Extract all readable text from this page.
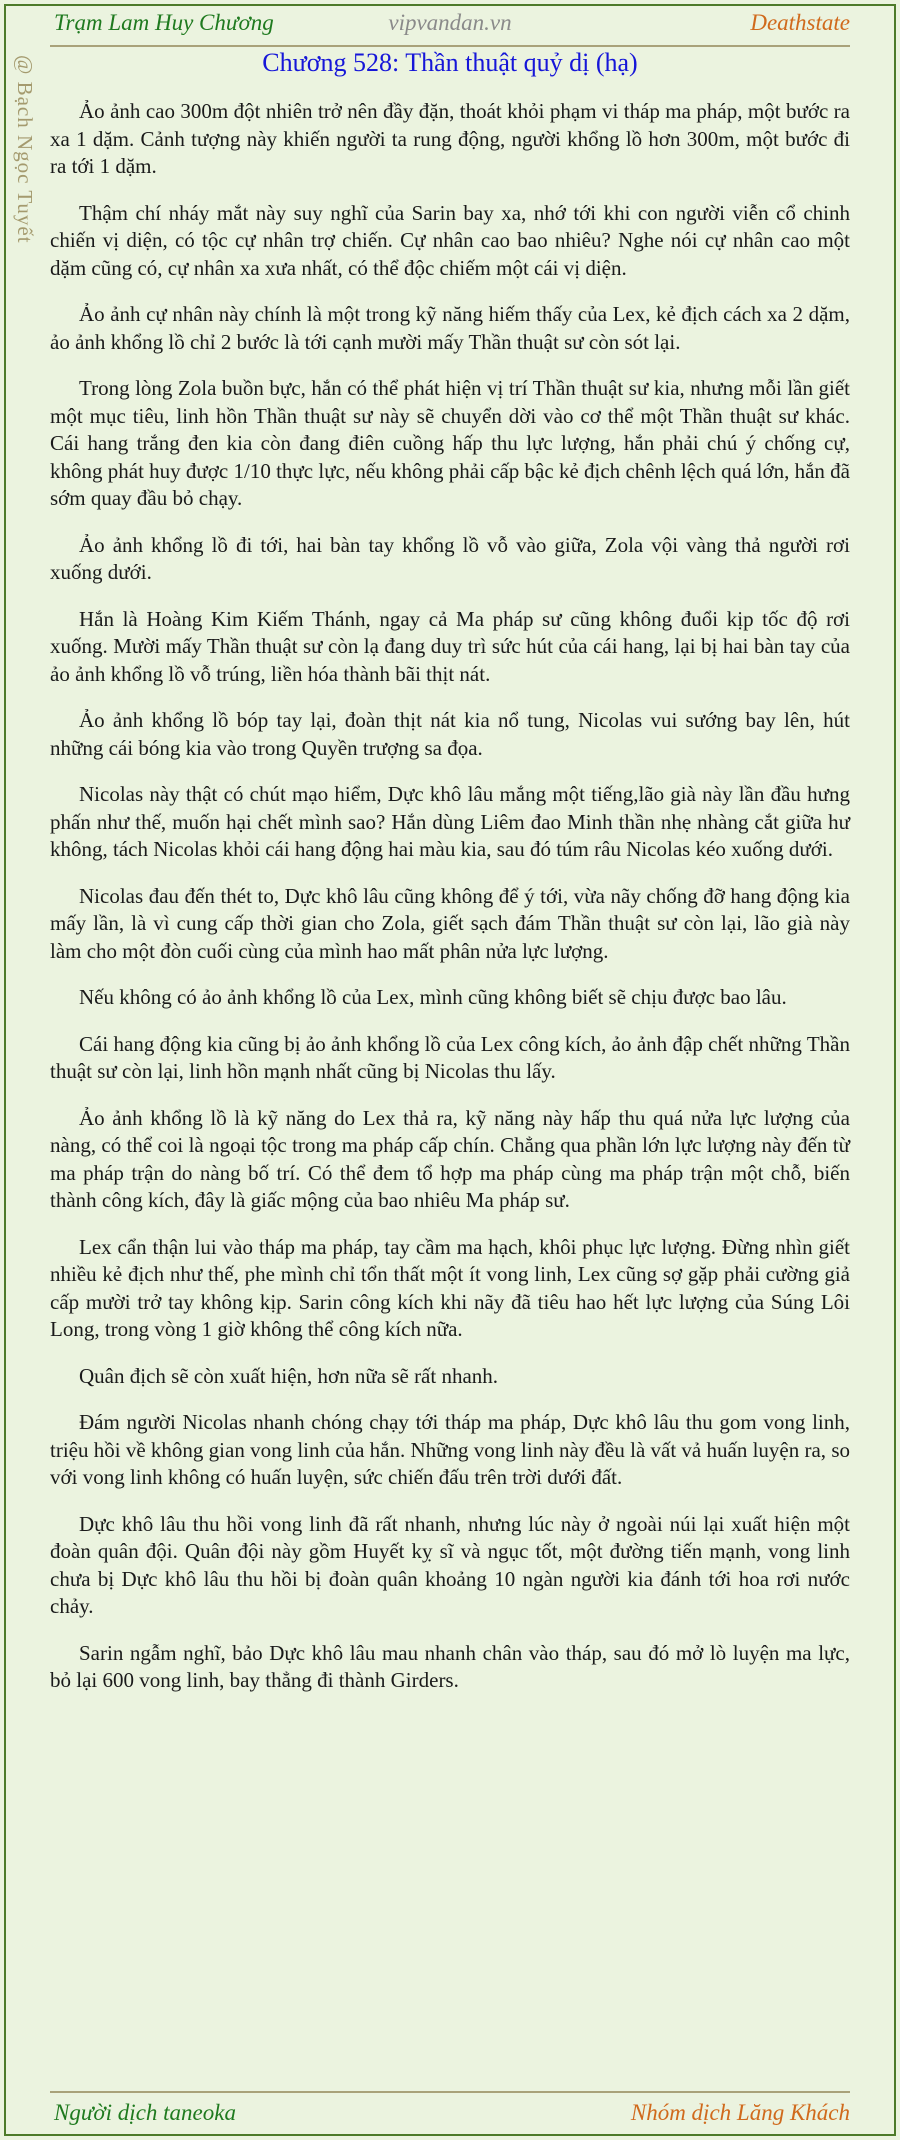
Trạm Lam Huy Chương	vipvandan.vn	Deathstate
@ Bạch Ngọc Tuyết	Chương 528: Thần thuật quỷ dị (hạ)

Ảo ảnh cao 300m đột nhiên trở nên đầy đặn, thoát khỏi phạm vi tháp ma pháp, một bước ra xa 1 dặm. Cảnh tượng này khiến người ta rung động, người khổng lồ hơn 300m, một bước đi ra tới 1 dặm.

Thậm chí nháy mắt này suy nghĩ của Sarin bay xa, nhớ tới khi con người viễn cổ chinh chiến vị diện, có tộc cự nhân trợ chiến. Cự nhân cao bao nhiêu? Nghe nói cự nhân cao một dặm cũng có, cự nhân xa xưa nhất, có thể độc chiếm một cái vị diện.

Ảo ảnh cự nhân này chính là một trong kỹ năng hiếm thấy của Lex, kẻ địch cách xa 2 dặm, ảo ảnh khổng lồ chỉ 2 bước là tới cạnh mười mấy Thần thuật sư còn sót lại.

Trong lòng Zola buồn bực, hắn có thể phát hiện vị trí Thần thuật sư kia, nhưng mỗi lần giết một mục tiêu, linh hồn Thần thuật sư này sẽ chuyển dời vào cơ thể một Thần thuật sư khác. Cái hang trắng đen kia còn đang điên cuồng hấp thu lực lượng, hắn phải chú ý chống cự, không phát huy được 1/10 thực lực, nếu không phải cấp bậc kẻ địch chênh lệch quá lớn, hắn đã sớm quay đầu bỏ chạy.

Ảo ảnh khổng lồ đi tới, hai bàn tay khổng lồ vỗ vào giữa, Zola vội vàng thả người rơi xuống dưới.

Hắn là Hoàng Kim Kiếm Thánh, ngay cả Ma pháp sư cũng không đuổi kịp tốc độ rơi xuống. Mười mấy Thần thuật sư còn lạ đang duy trì sức hút của cái hang, lại bị hai bàn tay của ảo ảnh khổng lồ vỗ trúng, liền hóa thành bãi thịt nát.

Ảo ảnh khổng lồ bóp tay lại, đoàn thịt nát kia nổ tung, Nicolas vui sướng bay lên, hút những cái bóng kia vào trong Quyền trượng sa đọa.

Nicolas này thật có chút mạo hiểm, Dực khô lâu mắng một tiếng,lão già này lần đầu hưng phấn như thế, muốn hại chết mình sao? Hắn dùng Liêm đao Minh thần nhẹ nhàng cắt giữa hư không, tách Nicolas khỏi cái hang động hai màu kia, sau đó túm râu Nicolas kéo xuống dưới.

Nicolas đau đến thét to, Dực khô lâu cũng không để ý tới, vừa nãy chống đỡ hang động kia mấy lần, là vì cung cấp thời gian cho Zola, giết sạch đám Thần thuật sư còn lại, lão già này làm cho một đòn cuối cùng của mình hao mất phân nửa lực lượng.

Nếu không có ảo ảnh khổng lồ của Lex, mình cũng không biết sẽ chịu được bao lâu.

Cái hang động kia cũng bị ảo ảnh khổng lồ của Lex công kích, ảo ảnh đập chết những Thần thuật sư còn lại, linh hồn mạnh nhất cũng bị Nicolas thu lấy.

Ảo ảnh khổng lồ là kỹ năng do Lex thả ra, kỹ năng này hấp thu quá nửa lực lượng của nàng, có thể coi là ngoại tộc trong ma pháp cấp chín. Chẳng qua phần lớn lực lượng này đến từ ma pháp trận do nàng bố trí. Có thể đem tổ hợp ma pháp cùng ma pháp trận một chỗ, biến thành công kích, đây là giấc mộng của bao nhiêu Ma pháp sư.

Lex cẩn thận lui vào tháp ma pháp, tay cầm ma hạch, khôi phục lực lượng. Đừng nhìn giết nhiều kẻ địch như thế, phe mình chỉ tổn thất một ít vong linh, Lex cũng sợ gặp phải cường giả cấp mười trở tay không kịp. Sarin công kích khi nãy đã tiêu hao hết lực lượng của Súng Lôi Long, trong vòng 1 giờ không thể công kích nữa.

Quân địch sẽ còn xuất hiện, hơn nữa sẽ rất nhanh.

Đám người Nicolas nhanh chóng chạy tới tháp ma pháp, Dực khô lâu thu gom vong linh, triệu hồi về không gian vong linh của hắn. Những vong linh này đều là vất vả huấn luyện ra, so với vong linh không có huấn luyện, sức chiến đấu trên trời dưới đất.

Dực khô lâu thu hồi vong linh đã rất nhanh, nhưng lúc này ở ngoài núi lại xuất hiện một đoàn quân đội. Quân đội này gồm Huyết kỵ sĩ và ngục tốt, một đường tiến mạnh, vong linh chưa bị Dực khô lâu thu hồi bị đoàn quân khoảng 10 ngàn người kia đánh tới hoa rơi nước chảy.

Sarin ngẫm nghĩ, bảo Dực khô lâu mau nhanh chân vào tháp, sau đó mở lò luyện ma lực, bỏ lại 600 vong linh, bay thẳng đi thành Girders.

Người dịch taneoka	Nhóm dịch Lăng Khách
